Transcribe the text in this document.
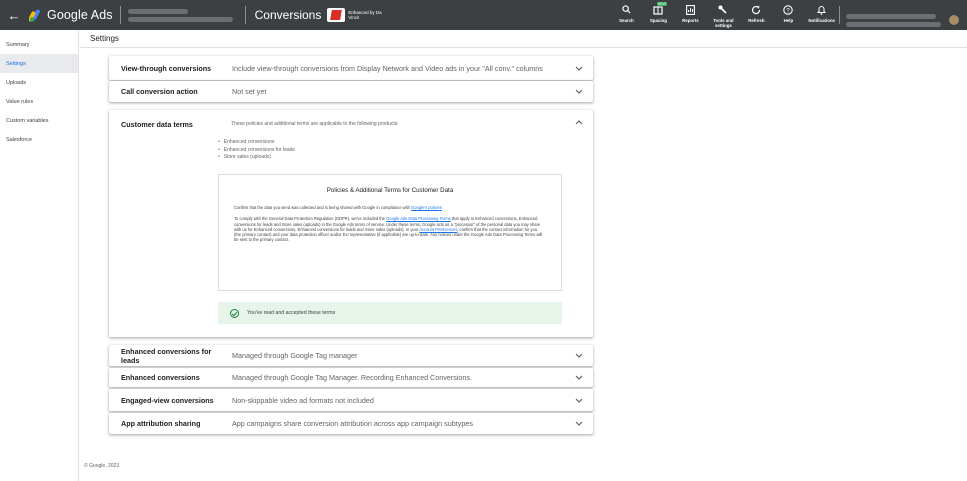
←	Google Ads	Conversions	Enhanced by Da Vinci!
Search
NEW
Spacing	Reports	Tools and settings
Refresh
?
Help	Notifications
Summary
Settings
Uploads
Value rules
Custom variables
Salesforce
Settings
View-through conversions	Include view-through conversions from Display Network and Video ads in your "All conv." columns
Call conversion action	Not set yet
Customer data terms	These policies and additional terms are applicable to the following products:
• Enhanced conversions
• Enhanced conversions for leads
• Store sales (uploads)
Policies & Additional Terms for Customer Data

Confirm that the data you send was collected and is being shared with Google in compliance with Google's policies

To comply with the General Data Protection Regulation (GDPR), we've included the Google Ads Data Processing Terms that apply to Enhanced conversions, Enhanced conversions for leads and Store sales (uploads) in the Google Ads terms of service. Under these terms, Google acts as a "processor" of the personal data you may share with us for Enhanced conversions, Enhanced conversions for leads and Store sales (uploads). In your Account Preferences, confirm that the contact information for you (the primary contact) and your data protection officer and/or EU representative (if applicable) are up-to-date. Any notices under the Google Ads Data Processing Terms will be sent to the primary contact.

You've read and accepted these terms
Enhanced conversions for leads	Managed through Google Tag manager
Enhanced conversions	Managed through Google Tag Manager. Recording Enhanced Conversions.
Engaged-view conversions	Non-skippable video ad formats not included
App attribution sharing	App campaigns share conversion attribution across app campaign subtypes
© Google, 2023.
